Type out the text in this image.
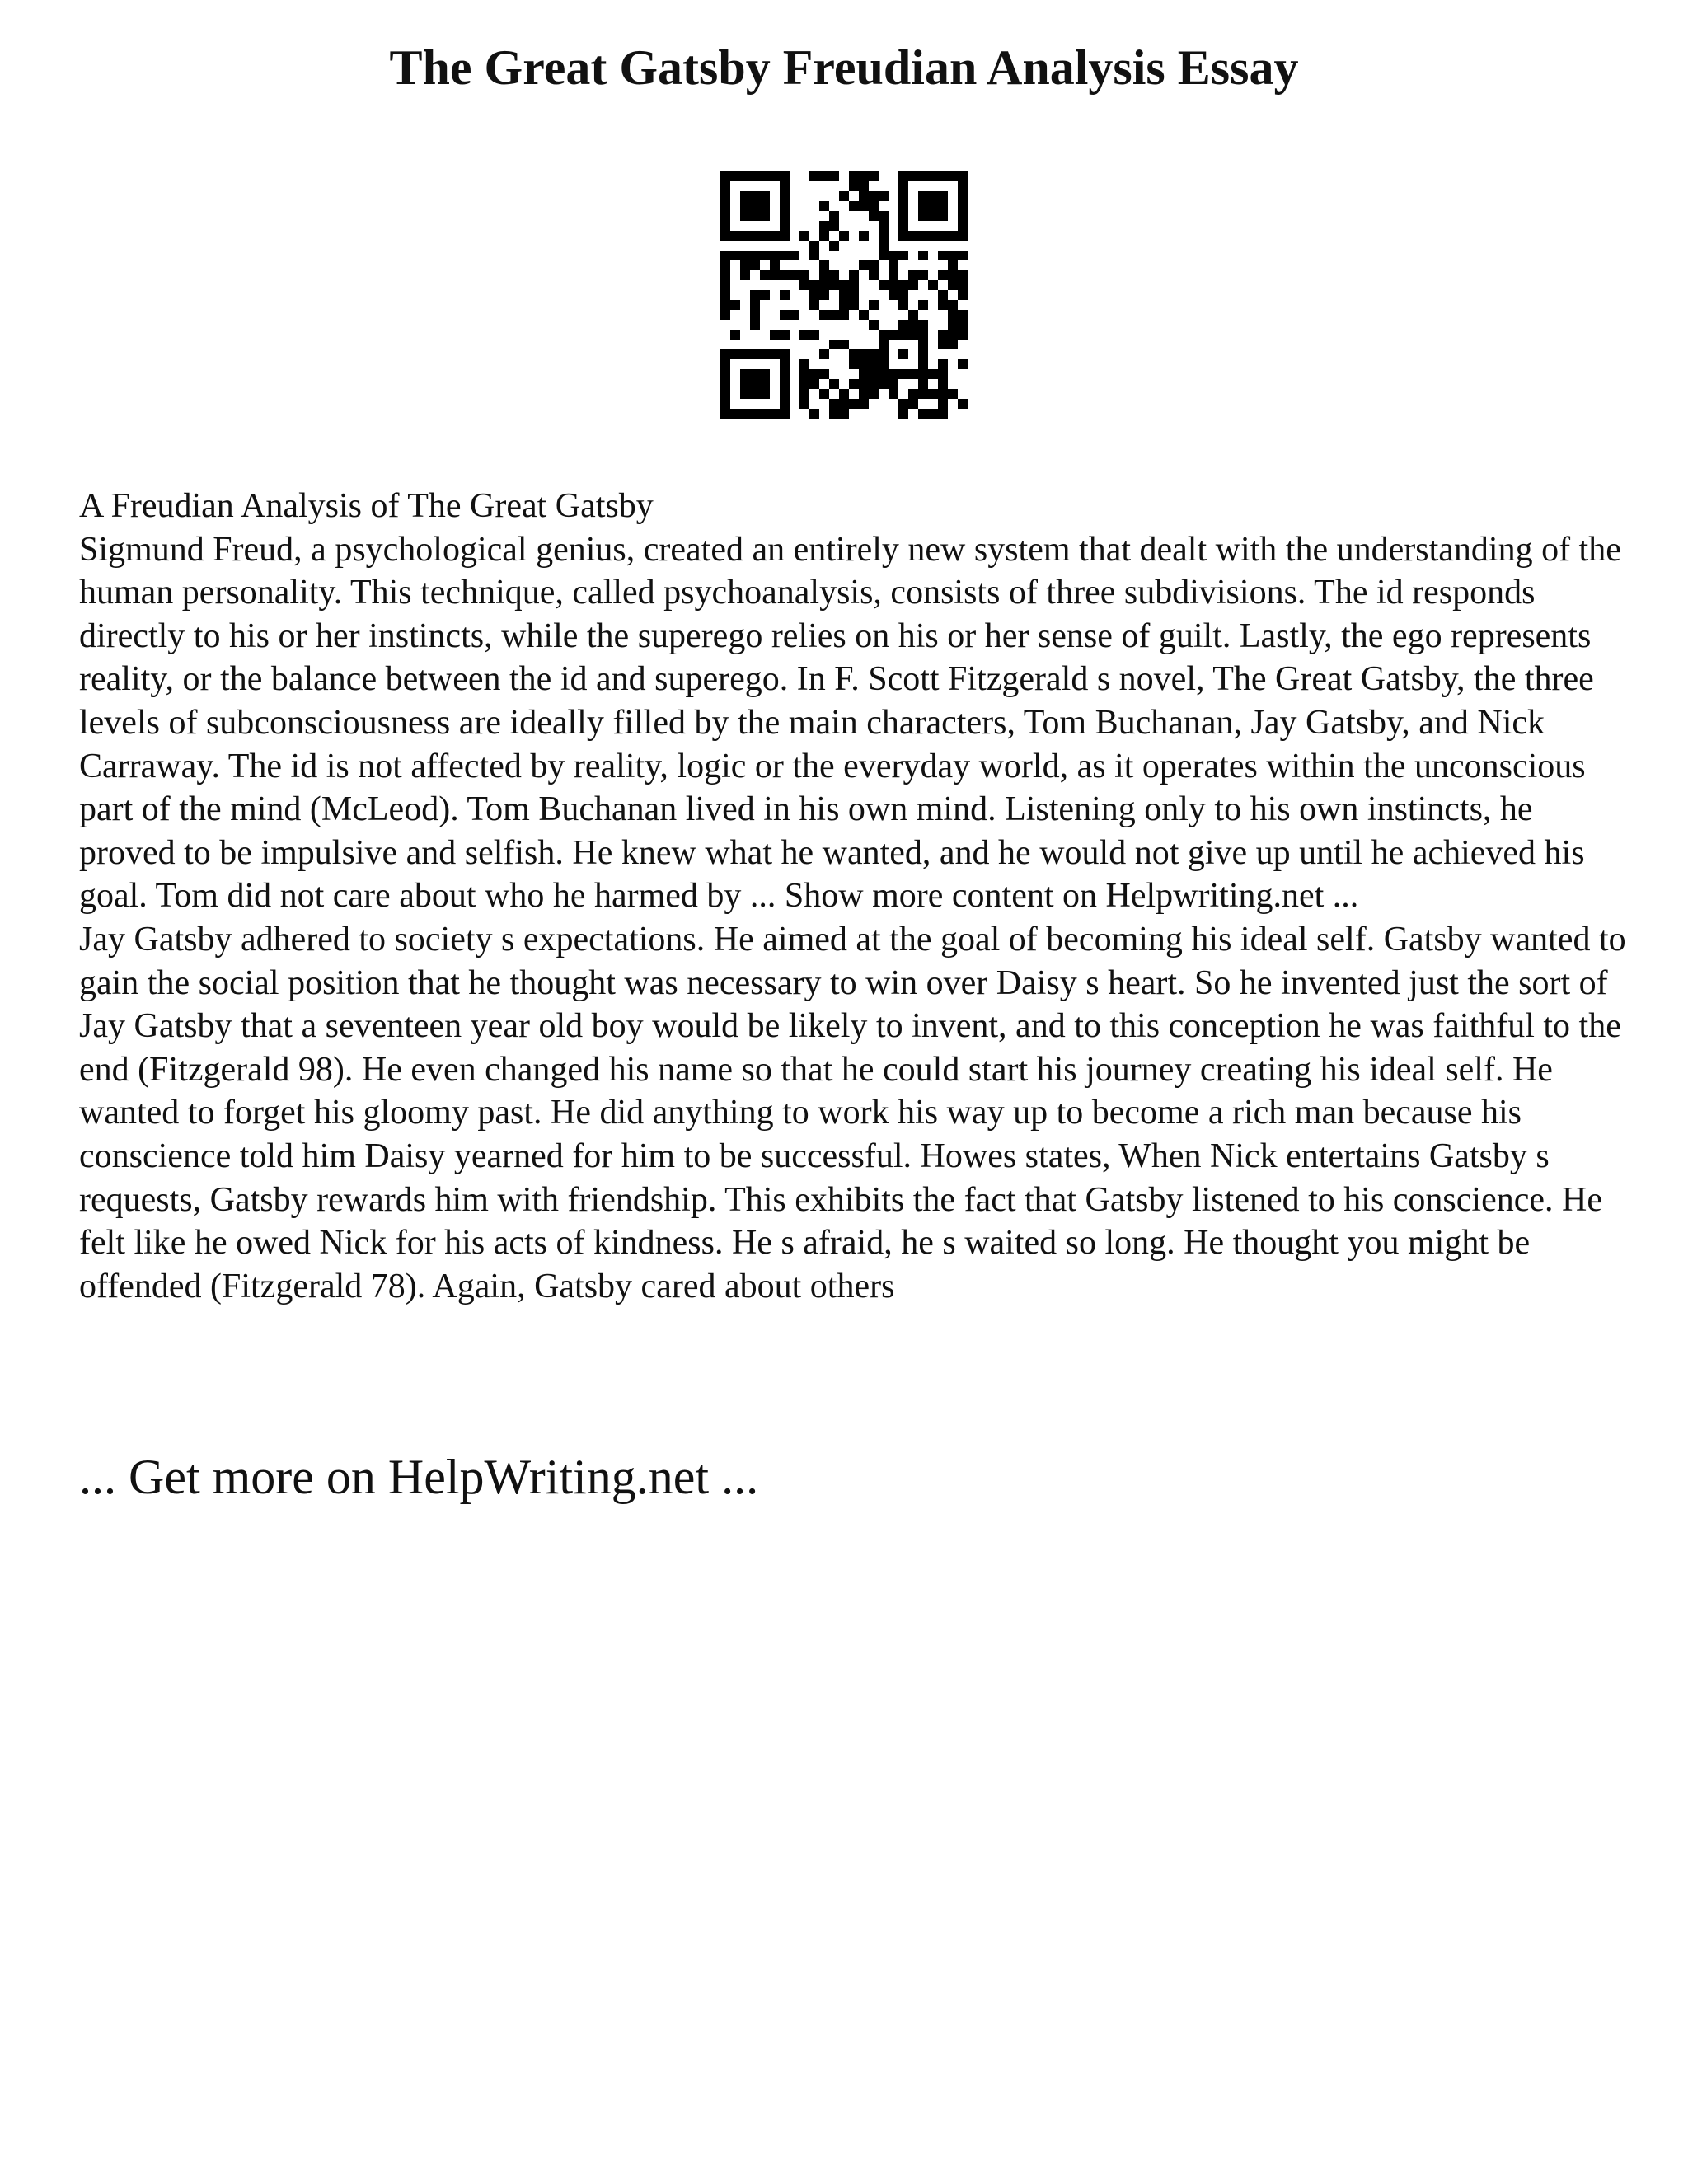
The Great Gatsby Freudian Analysis Essay

A Freudian Analysis of The Great Gatsby

Sigmund Freud, a psychological genius, created an entirely new system that dealt with the understanding of the human personality. This technique, called psychoanalysis, consists of three subdivisions. The id responds directly to his or her instincts, while the superego relies on his or her sense of guilt. Lastly, the ego represents reality, or the balance between the id and superego. In F. Scott Fitzgerald s novel, The Great Gatsby, the three levels of subconsciousness are ideally filled by the main characters, Tom Buchanan, Jay Gatsby, and Nick Carraway. The id is not affected by reality, logic or the everyday world, as it operates within the unconscious part of the mind (McLeod). Tom Buchanan lived in his own mind. Listening only to his own instincts, he proved to be impulsive and selfish. He knew what he wanted, and he would not give up until he achieved his goal. Tom did not care about who he harmed by ... Show more content on Helpwriting.net ...

Jay Gatsby adhered to society s expectations. He aimed at the goal of becoming his ideal self. Gatsby wanted to gain the social position that he thought was necessary to win over Daisy s heart. So he invented just the sort of Jay Gatsby that a seventeen year old boy would be likely to invent, and to this conception he was faithful to the end (Fitzgerald 98). He even changed his name so that he could start his journey creating his ideal self. He wanted to forget his gloomy past. He did anything to work his way up to become a rich man because his conscience told him Daisy yearned for him to be successful. Howes states, When Nick entertains Gatsby s requests, Gatsby rewards him with friendship. This exhibits the fact that Gatsby listened to his conscience. He felt like he owed Nick for his acts of kindness. He s afraid, he s waited so long. He thought you might be offended (Fitzgerald 78). Again, Gatsby cared about others

... Get more on HelpWriting.net ...
